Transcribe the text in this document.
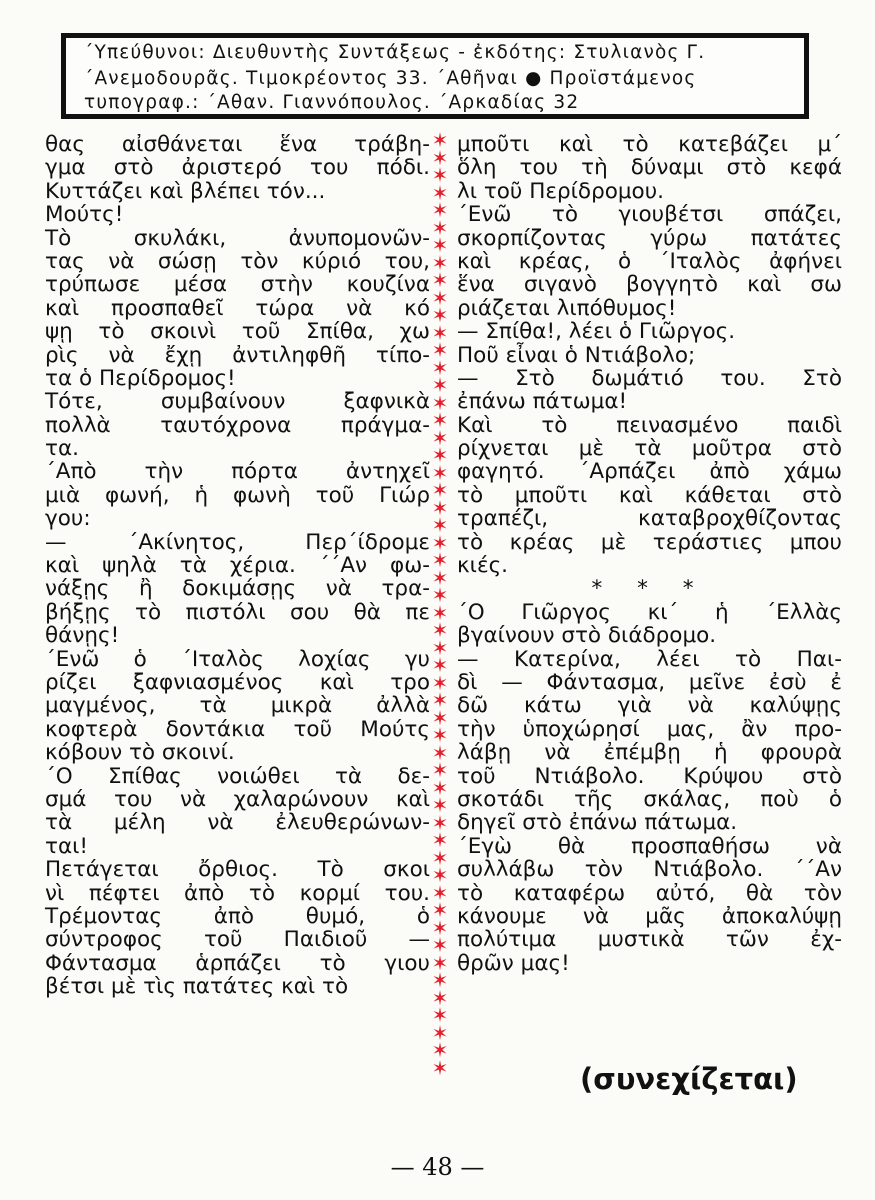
΄Υπεύθυνοι: Διευθυντὴς Συντάξεως - ἐκδότης: Στυλιανὸς Γ.
΄Ανεμοδουρᾶς. Τιμοκρέοντος 33. ΄Αθῆναι ● Προϊστάμενος
τυπογραφ.: ΄Αθαν. Γιαννόπουλος. ΄Αρκαδίας 32
θας αἰσθάνεται ἕνα τράβη-
γμα στὸ ἀριστερό του πόδι.
Κυττάζει καὶ βλέπει τόν...
Μούτς!
Τὸ σκυλάκι, ἀνυπομονῶν-
τας νὰ σώσῃ τὸν κύριό του,
τρύπωσε μέσα στὴν κουζίνα
καὶ προσπαθεῖ τώρα νὰ κό
ψῃ τὸ σκοινὶ τοῦ Σπίθα, χω
ρὶς νὰ ἔχῃ ἀντιληφθῆ τίπο-
τα ὁ Περίδρομος!
Τότε, συμβαίνουν ξαφνικὰ
πολλὰ ταυτόχρονα πράγμα-
τα.
΄Απὸ τὴν πόρτα ἀντηχεῖ
μιὰ φωνή, ἡ φωνὴ τοῦ Γιώρ
γου:
— ΄Ακίνητος, Περ΄ίδρομε
καὶ ψηλὰ τὰ χέρια. ΄΄Αν φω-
νάξῃς ἢ δοκιμάσῃς νὰ τρα-
βήξῃς τὸ πιστόλι σου θὰ πε
θάνῃς!
΄Ενῶ ὁ ΄Ιταλὸς λοχίας γυ
ρίζει ξαφνιασμένος καὶ τρο
μαγμένος, τὰ μικρὰ ἀλλὰ
κοφτερὰ δοντάκια τοῦ Μούτς
κόβουν τὸ σκοινί.
΄Ο Σπίθας νοιώθει τὰ δε-
σμά του νὰ χαλαρώνουν καὶ
τὰ μέλη νὰ ἐλευθερώνων-
ται!
Πετάγεται ὄρθιος. Τὸ σκοι
νὶ πέφτει ἀπὸ τὸ κορμί του.
Τρέμοντας ἀπὸ θυμό, ὁ
σύντροφος τοῦ Παιδιοῦ —
Φάντασμα ἁρπάζει τὸ γιου
βέτσι μὲ τὶς πατάτες καὶ τὸ
✶
✶
✶
✶
✶
✶
✶
✶
✶
✶
✶
✶
✶
✶
✶
✶
✶
✶
✶
✶
✶
✶
✶
✶
✶
✶
✶
✶
✶
✶
✶
✶
✶
✶
✶
✶
✶
✶
✶
✶
✶
✶
✶
✶
✶
✶
✶
✶
✶
✶
✶
✶
✶
✶
μποῦτι καὶ τὸ κατεβάζει μ΄
ὅλη του τὴ δύναμι στὸ κεφά
λι τοῦ Περίδρομου.
΄Ενῶ τὸ γιουβέτσι σπάζει,
σκορπίζοντας γύρω πατάτες
καὶ κρέας, ὁ ΄Ιταλὸς ἀφήνει
ἕνα σιγανὸ βογγητὸ καὶ σω
ριάζεται λιπόθυμος!
— Σπίθα!, λέει ὁ Γιῶργος.
Ποῦ εἶναι ὁ Ντιάβολο;
— Στὸ δωμάτιό του. Στὸ
ἐπάνω πάτωμα!
Καὶ τὸ πεινασμένο παιδὶ
ρίχνεται μὲ τὰ μοῦτρα στὸ
φαγητό. ΄Αρπάζει ἀπὸ χάμω
τὸ μποῦτι καὶ κάθεται στὸ
τραπέζι, καταβροχθίζοντας
τὸ κρέας μὲ τεράστιες μπου
κιές.
* * *
΄Ο Γιῶργος κι΄ ἡ ΄Ελλὰς
βγαίνουν στὸ διάδρομο.
— Κατερίνα, λέει τὸ Παι-
δὶ — Φάντασμα, μεῖνε ἐσὺ ἐ
δῶ κάτω γιὰ νὰ καλύψῃς
τὴν ὑποχώρησί μας, ἂν προ-
λάβῃ νὰ ἐπέμβῃ ἡ φρουρὰ
τοῦ Ντιάβολο. Κρύψου στὸ
σκοτάδι τῆς σκάλας, ποὺ ὁ
δηγεῖ στὸ ἐπάνω πάτωμα.
΄Εγὼ θὰ προσπαθήσω νὰ
συλλάβω τὸν Ντιάβολο. ΄΄Αν
τὸ καταφέρω αὐτό, θὰ τὸν
κάνουμε νὰ μᾶς ἀποκαλύψῃ
πολύτιμα μυστικὰ τῶν ἐχ-
θρῶν μας!
(συνεχίζεται)
— 48 —
